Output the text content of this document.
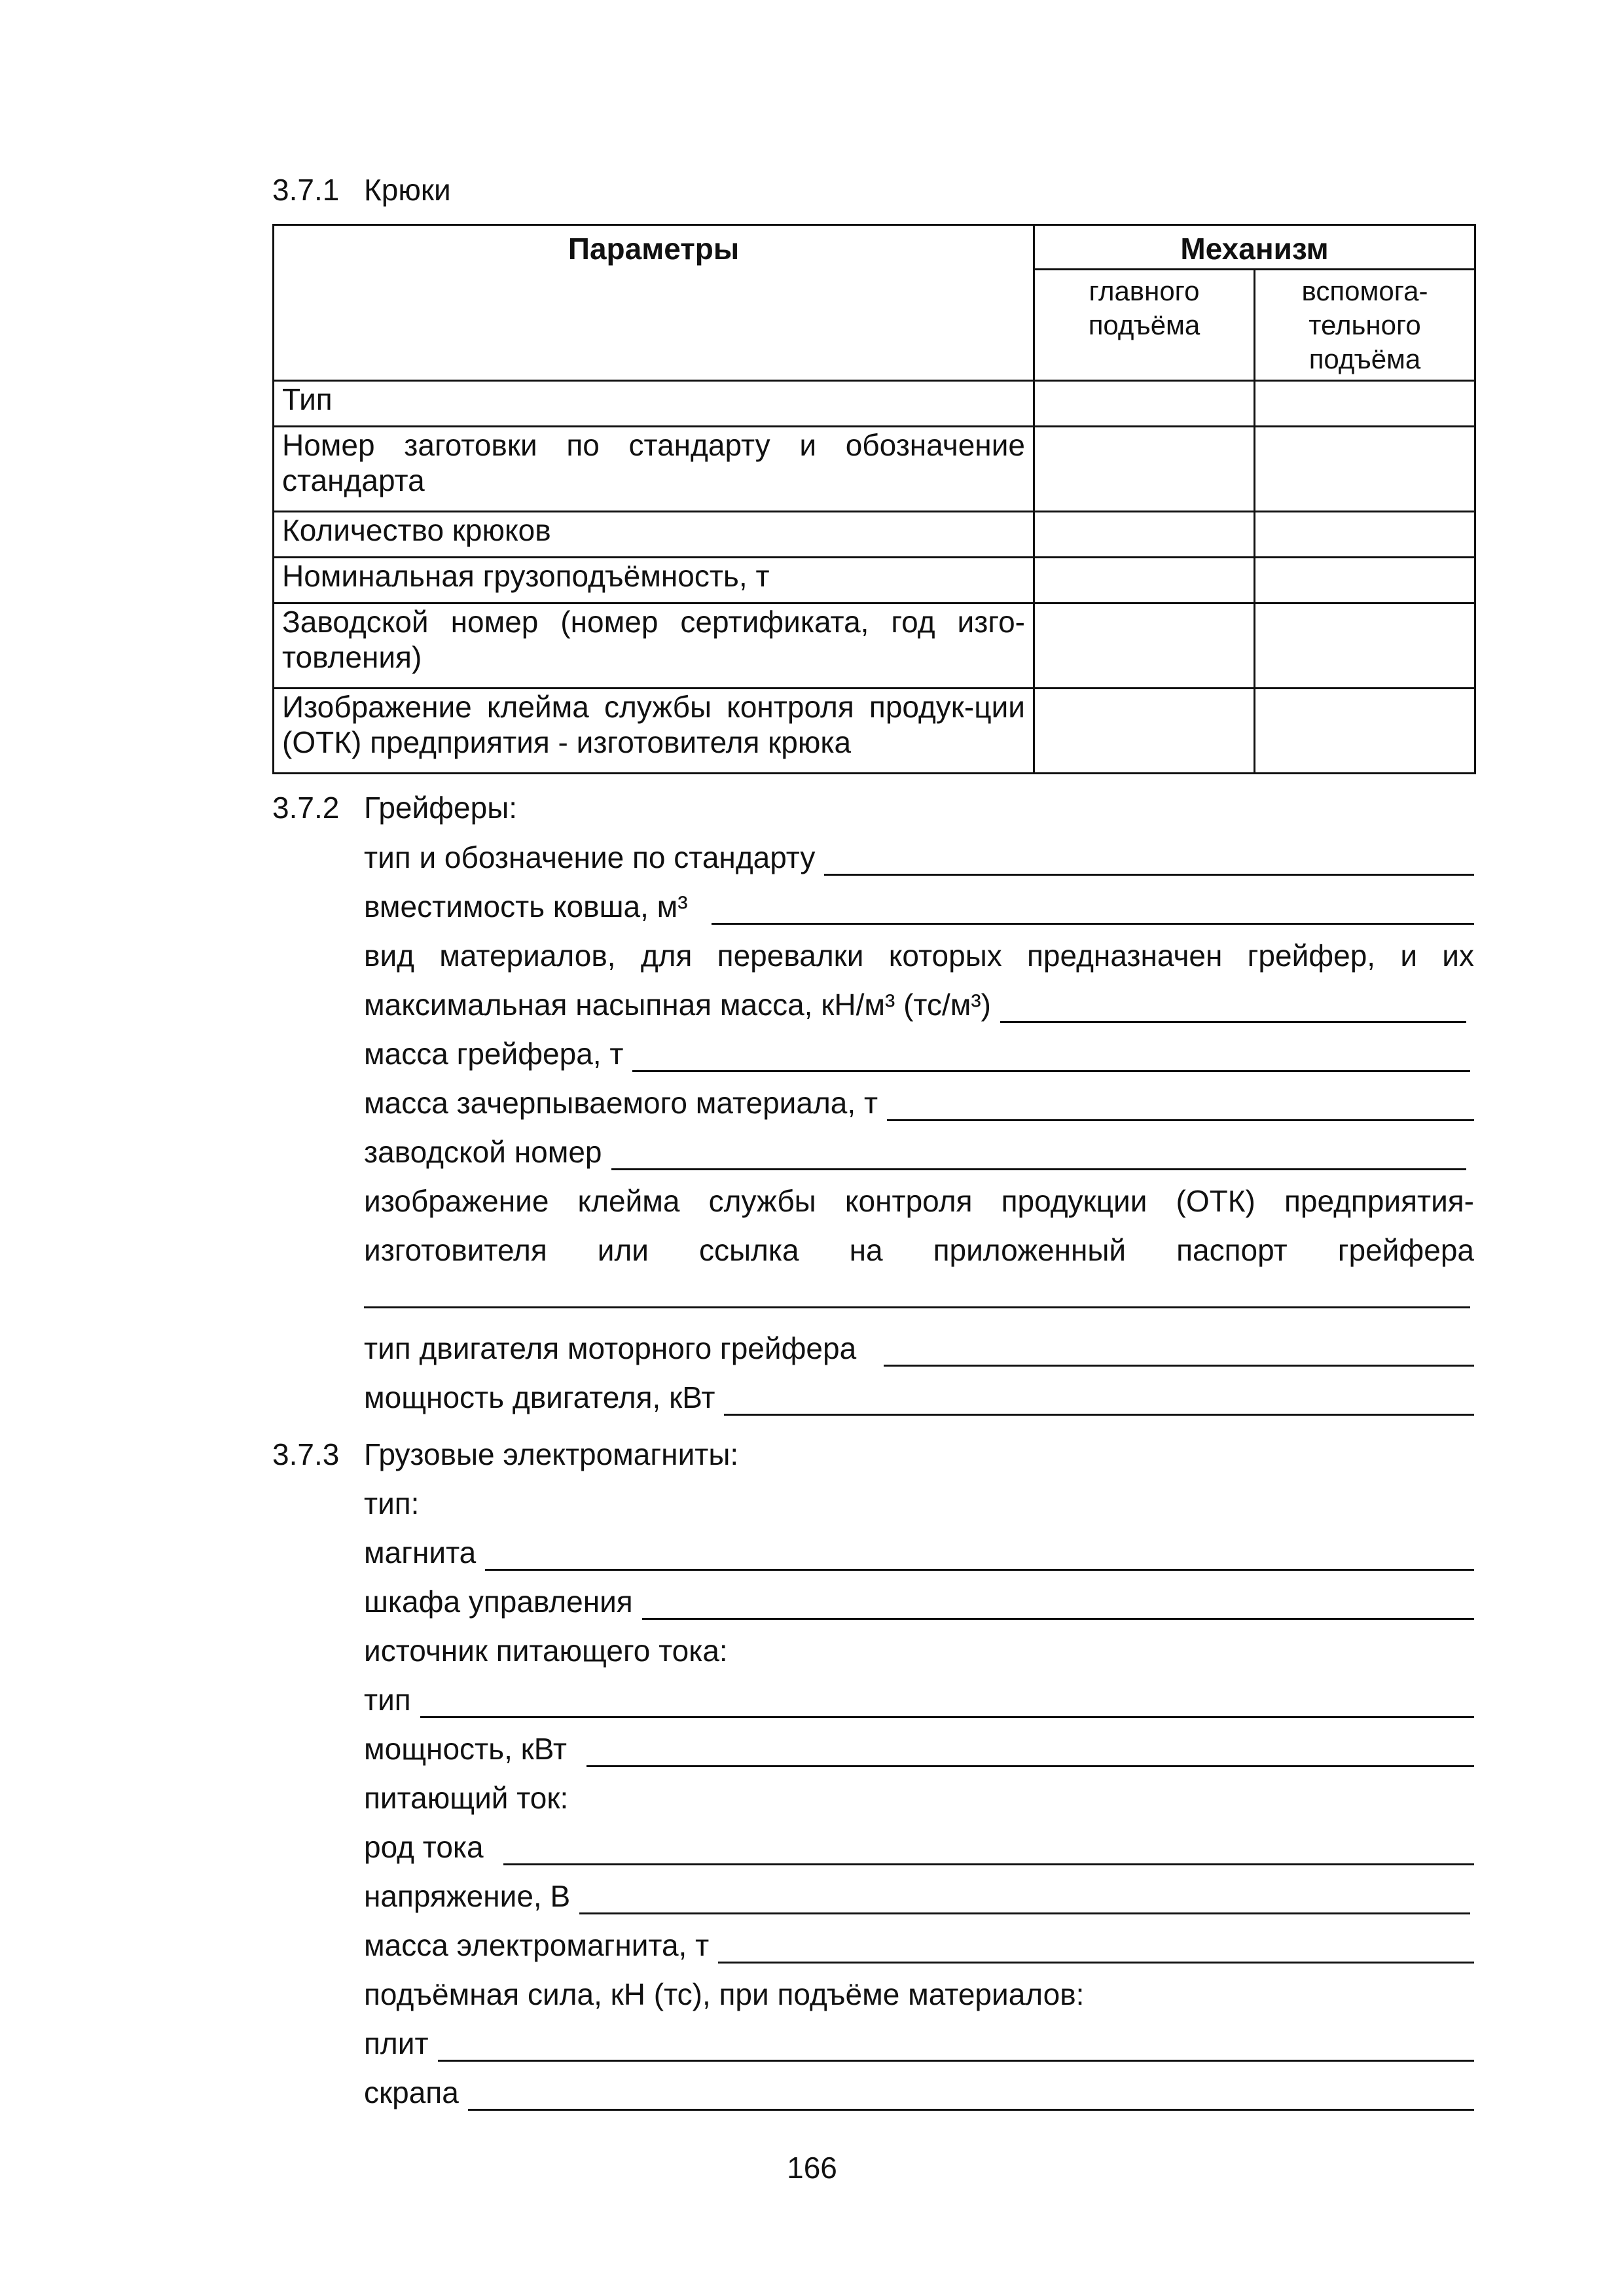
3.7.1 Крюки
Параметры	Механизм	
	главного подъёма	вспомога-тельного подъёма
Тип		
Номер заготовки по стандарту и обозначение стандарта		
Количество крюков		
Номинальная грузоподъёмность, т		
Заводской номер (номер сертификата, год изго-товления)		
Изображение клейма службы контроля продук-ции (ОТК) предприятия - изготовителя крюка		
3.7.2 Грейферы:
тип и обозначение по стандарту
вместимость ковша, м³
вид материалов, для перевалки которых предназначен грейфер, и их
максимальная насыпная масса, кН/м³ (тс/м³)
масса грейфера, т
масса зачерпываемого материала, т
заводской номер
изображение клейма службы контроля продукции (ОТК) предприятия-
изготовителя или ссылка на приложенный паспорт грейфера
тип двигателя моторного грейфера
мощность двигателя, кВт
3.7.3 Грузовые электромагниты:
тип:
магнита
шкафа управления
источник питающего тока:
тип
мощность, кВт
питающий ток:
род тока
напряжение, В
масса электромагнита, т
подъёмная сила, кН (тс), при подъёме материалов:
плит
скрапа
166
